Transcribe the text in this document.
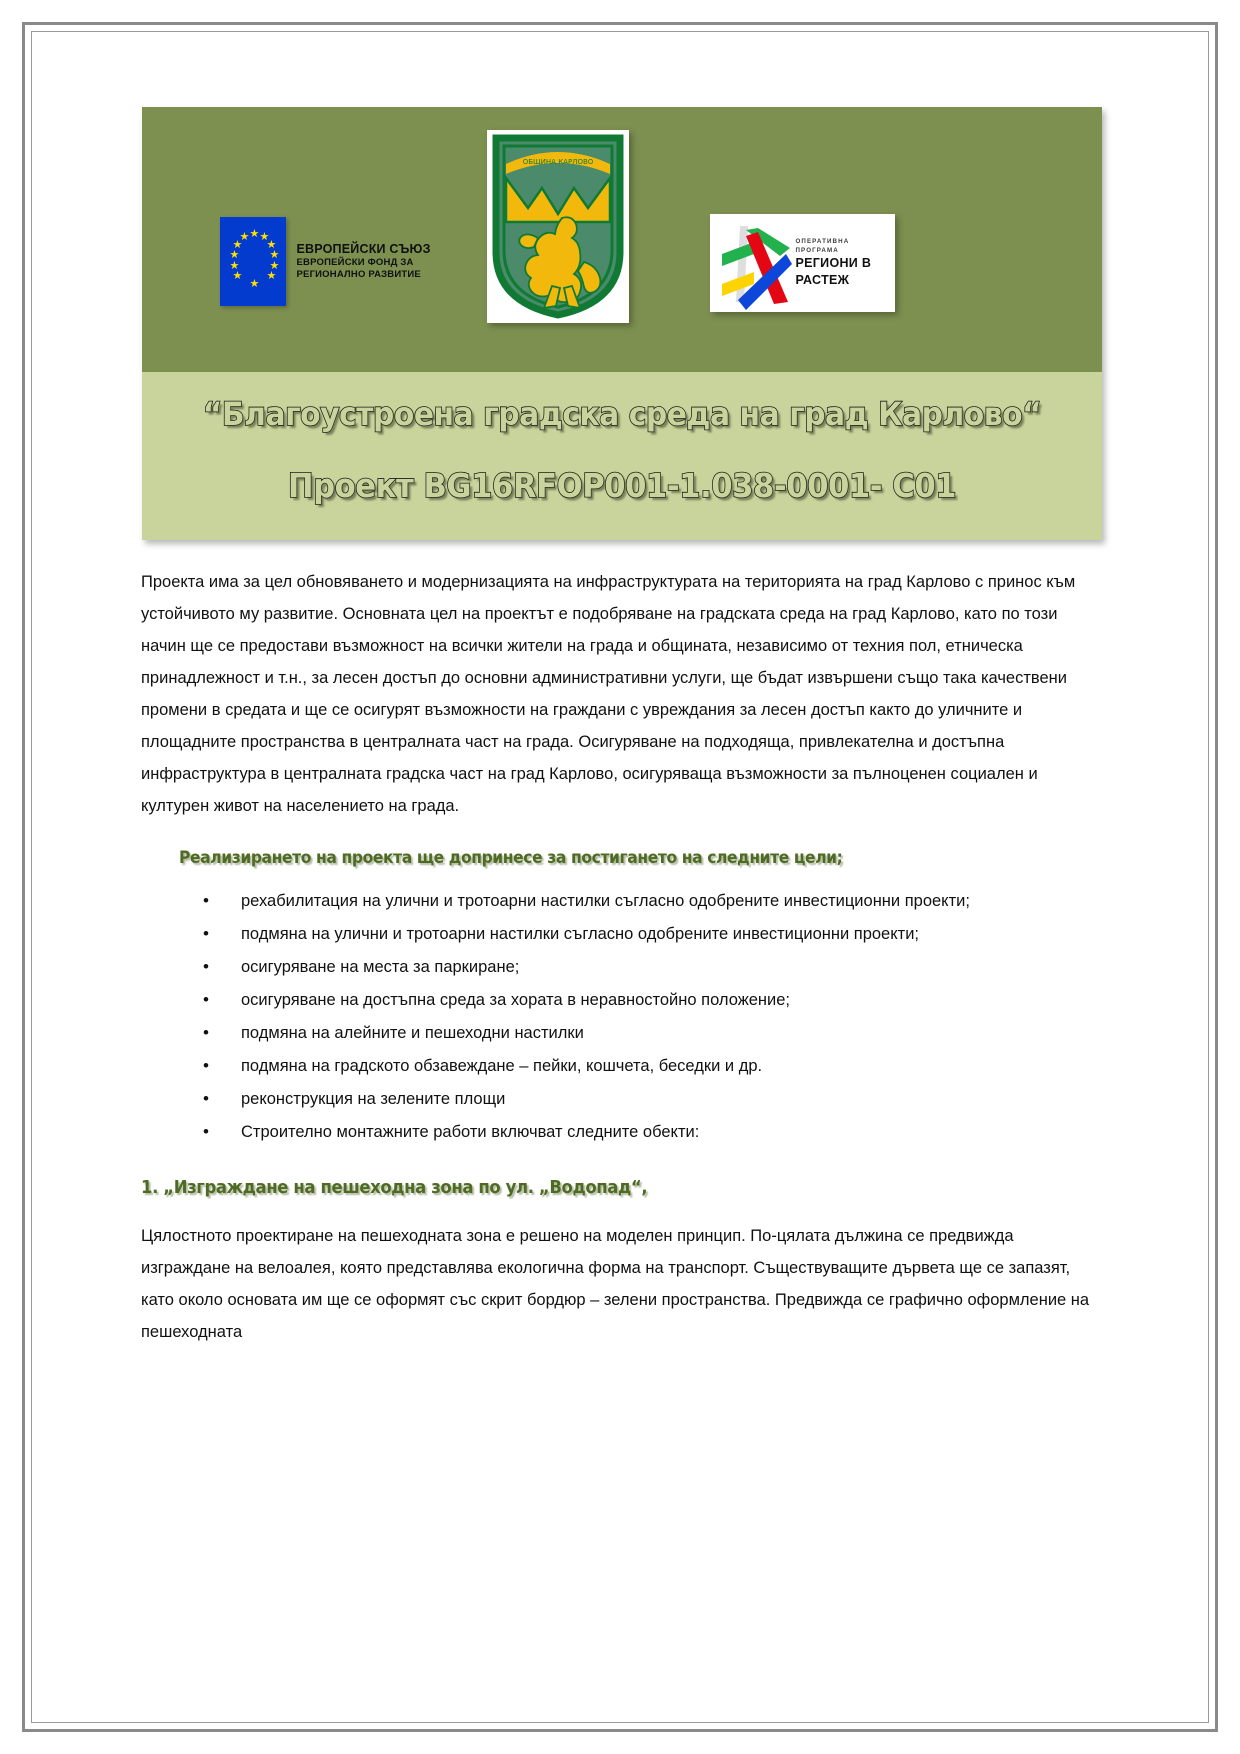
★
★ ★
★ ★
★	★
★	★
★ ★
★
ЕВРОПЕЙСКИ СЪЮЗ
ЕВРОПЕЙСКИ ФОНД ЗА
РЕГИОНАЛНО РАЗВИТИЕ
ОБЩИНА КАРЛОВО
ОПЕРАТИВНА ПРОГРАМА
РЕГИОНИ В РАСТЕЖ
“Благоустроена градска среда на град Карлово“
Проект BG16RFOP001-1.038-0001- C01

Проекта има за цел обновяването и модернизацията на инфраструктурата на територията на град Карлово с принос към устойчивото му развитие. Основната цел на проектът е подобряване на градската среда на град Карлово, като по този начин ще се предостави възможност на всички жители на града и общината, независимо от техния пол, етническа принадлежност и т.н., за лесен достъп до основни административни услуги, ще бъдат извършени също така качествени промени в средата и ще се осигурят възможности на граждани с увреждания за лесен достъп както до уличните и площадните пространства в централната част на града. Осигуряване на подходяща, привлекателна и достъпна инфраструктура в централната градска част на град Карлово, осигуряваща възможности за пълноценен социален и културен живот на населението на града.

Реализирането на проекта ще допринесе за постигането на следните цели;
• рехабилитация на улични и тротоарни настилки съгласно одобрените инвестиционни проекти;
• подмяна на улични и тротоарни настилки съгласно одобрените инвестиционни проекти;
• осигуряване на места за паркиране;
• осигуряване на достъпна среда за хората в неравностойно положение;
• подмяна на алейните и пешеходни настилки
• подмяна на градското обзавеждане – пейки, кошчета, беседки и др.
• реконструкция на зелените площи
• Строително монтажните работи включват следните обекти:
1. „Изграждане на пешеходна зона по ул. „Водопад“,

Цялостното проектиране на пешеходната зона е решено на моделен принцип. По-цялата дължина се предвижда изграждане на велоалея, която представлява екологична форма на транспорт. Съществуващите дървета ще се запазят, като около основата им ще се оформят със скрит бордюр – зелени пространства. Предвижда се графично оформление на пешеходната
